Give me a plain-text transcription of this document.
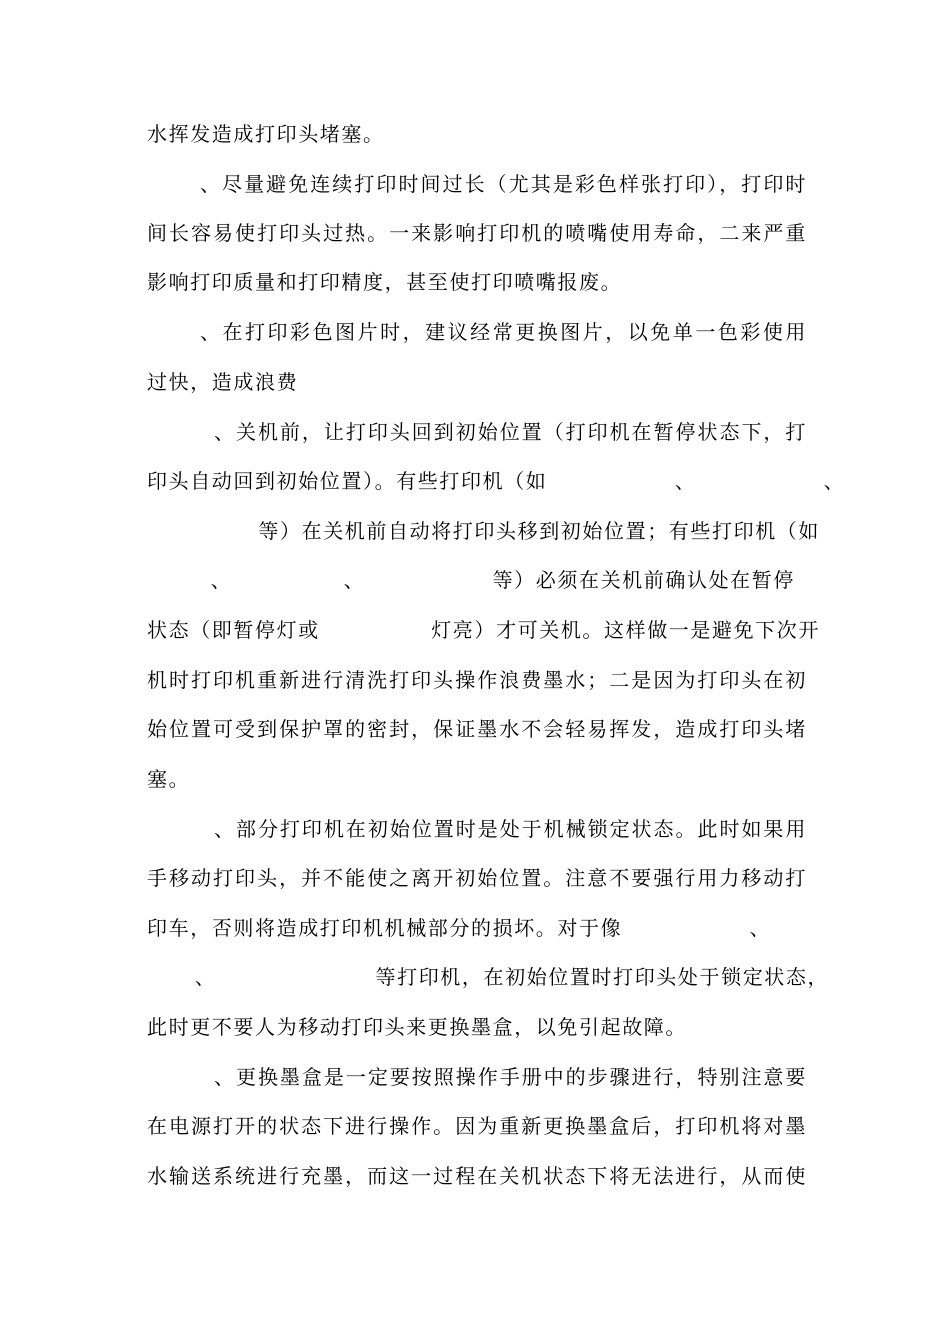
水挥发造成打印头堵塞。
、尽量避免连续打印时间过长（尤其是彩色样张打印），打印时
间长容易使打印头过热。一来影响打印机的喷嘴使用寿命，二来严重
影响打印质量和打印精度，甚至使打印喷嘴报废。
、在打印彩色图片时，建议经常更换图片，以免单一色彩使用
过快，造成浪费
、关机前，让打印头回到初始位置（打印机在暂停状态下，打
印头自动回到初始位置）。有些打印机（如                、                、
等）在关机前自动将打印头移到初始位置；有些打印机（如
、              、                等）必须在关机前确认处在暂停
状态（即暂停灯或              灯亮）才可关机。这样做一是避免下次开
机时打印机重新进行清洗打印头操作浪费墨水；二是因为打印头在初
始位置可受到保护罩的密封，保证墨水不会轻易挥发，造成打印头堵
塞。
、部分打印机在初始位置时是处于机械锁定状态。此时如果用
手移动打印头，并不能使之离开初始位置。注意不要强行用力移动打
印车，否则将造成打印机机械部分的损坏。对于像                、
、                    等打印机，在初始位置时打印头处于锁定状态，
此时更不要人为移动打印头来更换墨盒，以免引起故障。
、更换墨盒是一定要按照操作手册中的步骤进行，特别注意要
在电源打开的状态下进行操作。因为重新更换墨盒后，打印机将对墨
水输送系统进行充墨，而这一过程在关机状态下将无法进行，从而使
